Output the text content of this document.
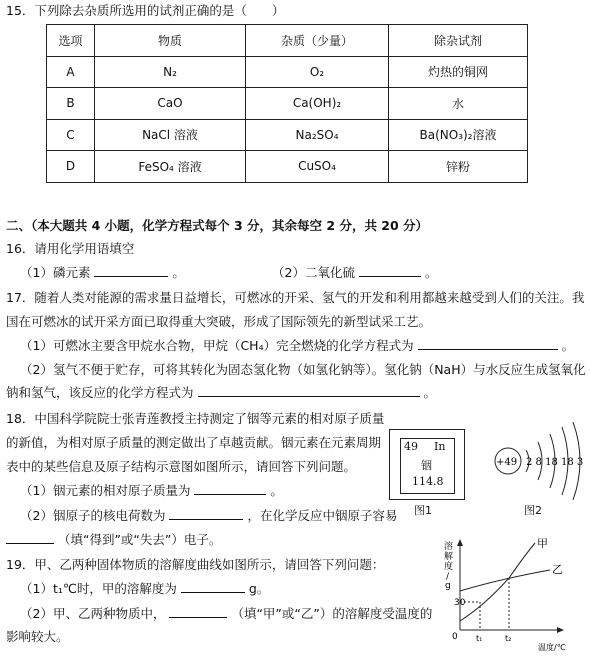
15．下列除去杂质所选用的试剂正确的是（　　）
选项	物质	杂质（少量）	除杂试剂
A	N₂	O₂	灼热的铜网
B	CaO	Ca(OH)₂	水
C	NaCl 溶液	Na₂SO₄	Ba(NO₃)₂溶液
D	FeSO₄ 溶液	CuSO₄	锌粉
二、（本大题共 4 小题，化学方程式每个 3 分，其余每空 2 分，共 20 分）
16．请用化学用语填空
（1）磷元素	。	（2）二氧化硫	。
17．随着人类对能源的需求量日益增长，可燃冰的开采、氢气的开发和利用都越来越受到人们的关注。我
国在可燃冰的试开采方面已取得重大突破，形成了国际领先的新型试采工艺。
（1）可燃冰主要含甲烷水合物，甲烷（CH₄）完全燃烧的化学方程式为	。
（2）氢气不便于贮存，可将其转化为固态氢化物（如氢化钠等）。氢化钠（NaH）与水反应生成氢氧化
钠和氢气，该反应的化学方程式为	。
18．中国科学院院士张青莲教授主持测定了铟等元素的相对原子质量
的新值，为相对原子质量的测定做出了卓越贡献。铟元素在元素周期
表中的某些信息及原子结构示意图如图所示，请回答下列问题。
（1）铟元素的相对原子质量为	。
（2）铟原子的核电荷数为	，在化学反应中铟原子容易
（填“得到”或“失去”）电子。
49 In
铟
114.8
图1
+49 2 8 18 18 3
图2
19．甲、乙两种固体物质的溶解度曲线如图所示，请回答下列问题：
（1）t₁℃时，甲的溶解度为	g。
（2）甲、乙两种物质中，	（填“甲”或“乙”）的溶解度受温度的
影响较大。
溶 解 度 / g
30
0
甲
乙
t₁	t₂
温度/℃
